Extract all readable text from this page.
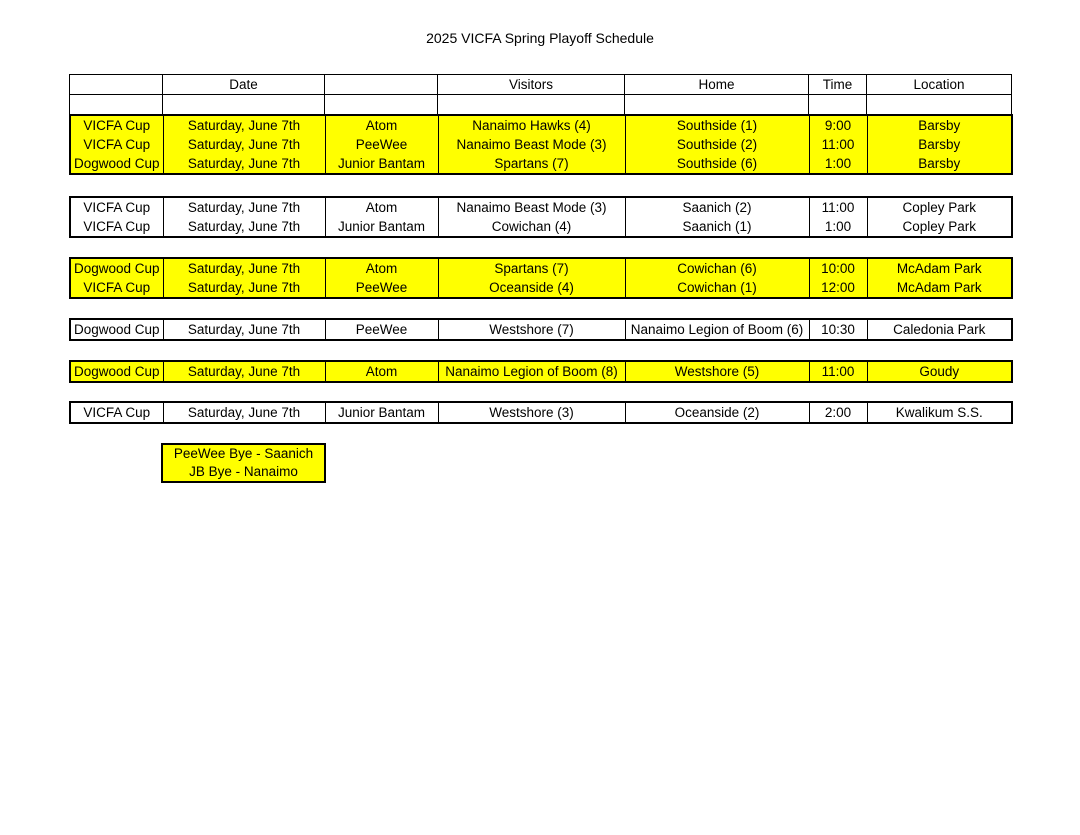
2025 VICFA Spring Playoff Schedule
	Date		Visitors	Home	Time	Location

VICFA Cup	Saturday, June 7th	Atom	Nanaimo Hawks (4)	Southside (1)	9:00	Barsby
VICFA Cup	Saturday, June 7th	PeeWee	Nanaimo Beast Mode (3)	Southside (2)	11:00	Barsby
Dogwood Cup	Saturday, June 7th	Junior Bantam	Spartans (7)	Southside (6)	1:00	Barsby
VICFA Cup	Saturday, June 7th	Atom	Nanaimo Beast Mode (3)	Saanich (2)	11:00	Copley Park
VICFA Cup	Saturday, June 7th	Junior Bantam	Cowichan (4)	Saanich (1)	1:00	Copley Park
Dogwood Cup	Saturday, June 7th	Atom	Spartans (7)	Cowichan (6)	10:00	McAdam Park
VICFA Cup	Saturday, June 7th	PeeWee	Oceanside (4)	Cowichan (1)	12:00	McAdam Park
Dogwood Cup	Saturday, June 7th	PeeWee	Westshore (7)	Nanaimo Legion of Boom (6)	10:30	Caledonia Park
Dogwood Cup	Saturday, June 7th	Atom	Nanaimo Legion of Boom (8)	Westshore (5)	11:00	Goudy
VICFA Cup	Saturday, June 7th	Junior Bantam	Westshore (3)	Oceanside (2)	2:00	Kwalikum S.S.
PeeWee Bye - Saanich
JB Bye - Nanaimo
